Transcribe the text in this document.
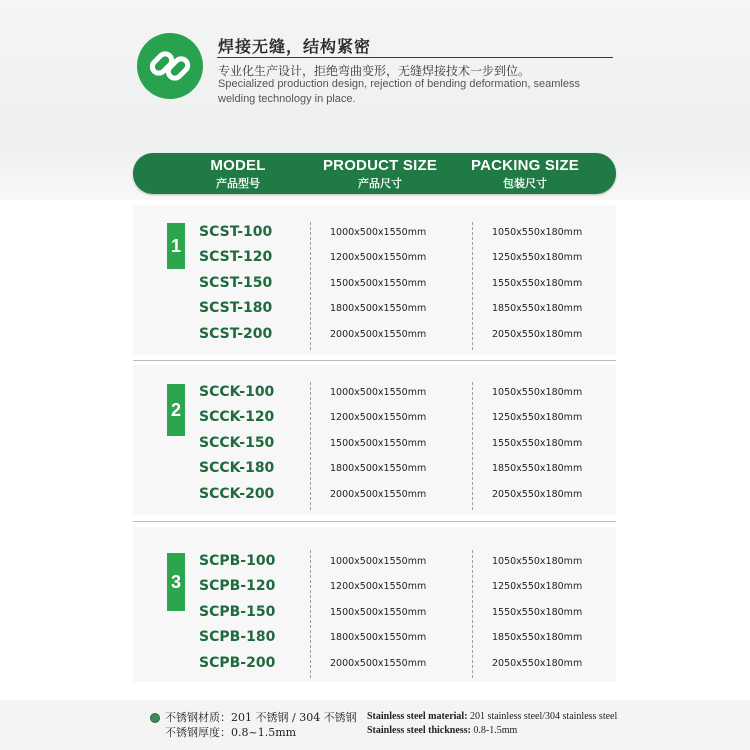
焊接无缝，结构紧密
专业化生产设计，拒绝弯曲变形，无缝焊接技术一步到位。
Specialized production design, rejection of bending deformation, seamless welding technology in place.
MODEL
产品型号
PRODUCT SIZE
产品尺寸
PACKING SIZE
包装尺寸
1
2
3
SCST-100	1000x500x1550mm	1050x550x180mm
SCST-120	1200x500x1550mm	1250x550x180mm
SCST-150	1500x500x1550mm	1550x550x180mm
SCST-180	1800x500x1550mm	1850x550x180mm
SCST-200	2000x500x1550mm	2050x550x180mm
SCCK-100	1000x500x1550mm	1050x550x180mm
SCCK-120	1200x500x1550mm	1250x550x180mm
SCCK-150	1500x500x1550mm	1550x550x180mm
SCCK-180	1800x500x1550mm	1850x550x180mm
SCCK-200	2000x500x1550mm	2050x550x180mm
SCPB-100	1000x500x1550mm	1050x550x180mm
SCPB-120	1200x500x1550mm	1250x550x180mm
SCPB-150	1500x500x1550mm	1550x550x180mm
SCPB-180	1800x500x1550mm	1850x550x180mm
SCPB-200	2000x500x1550mm	2050x550x180mm
不锈钢材质：201 不锈钢 / 304 不锈钢
不锈钢厚度：0.8~1.5mm
Stainless steel material: 201 stainless steel/304 stainless steel
Stainless steel thickness: 0.8-1.5mm
